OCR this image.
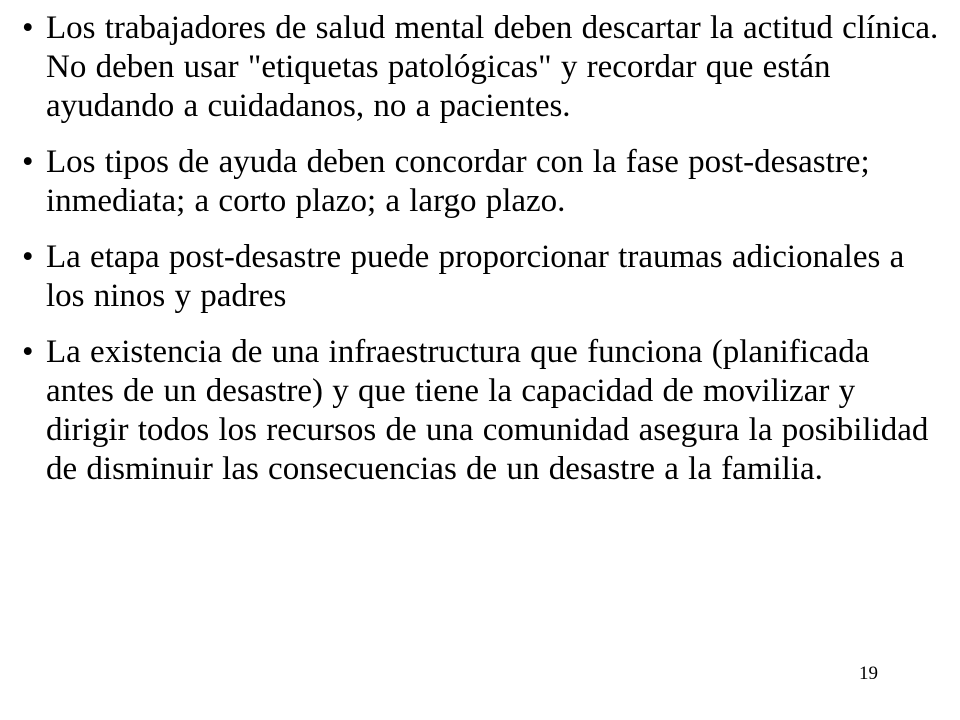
• Los trabajadores de salud mental deben descartar la actitud clínica. No deben usar "etiquetas patológicas" y recordar que están ayudando a cuidadanos, no a pacientes.
• Los tipos de ayuda deben concordar con la fase post-desastre; inmediata; a corto plazo; a largo plazo.
• La etapa post-desastre puede proporcionar traumas adicionales a los ninos y padres
• La existencia de una infraestructura que funciona (planificada antes de un desastre) y que tiene la capacidad de movilizar y dirigir todos los recursos de una comunidad asegura la posibilidad de disminuir las consecuencias de un desastre a la familia.
19
